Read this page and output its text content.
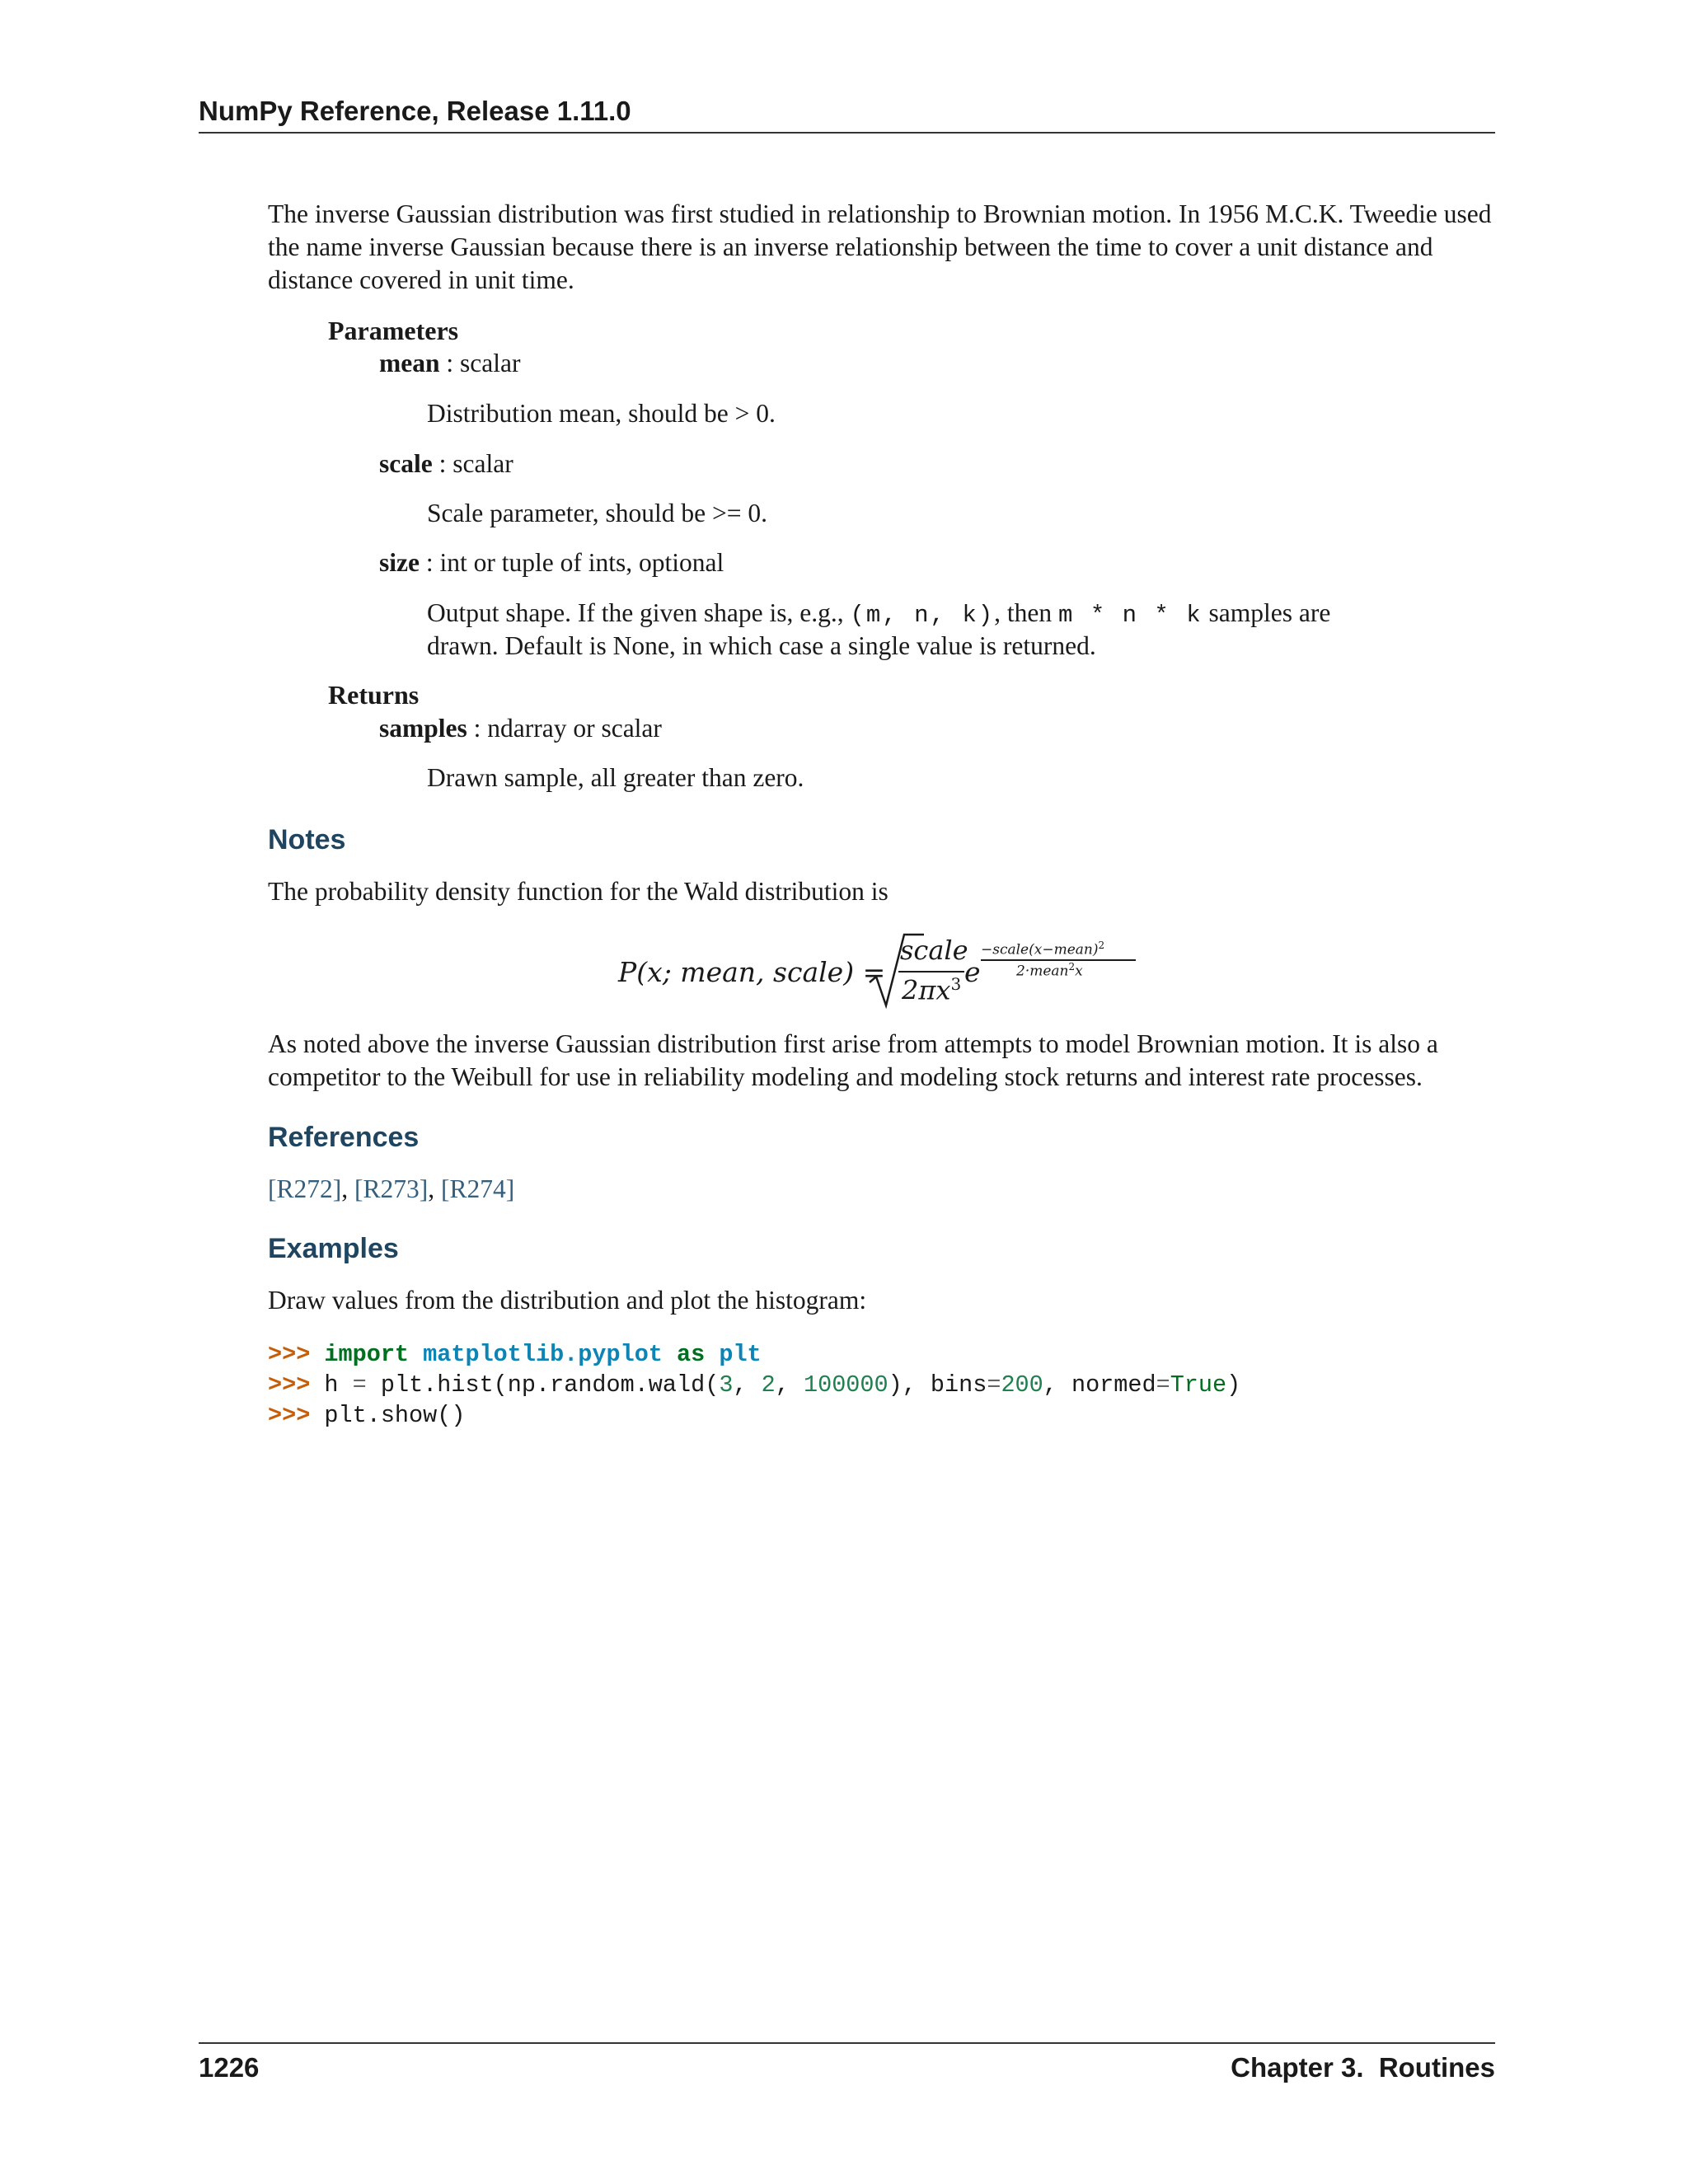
NumPy Reference, Release 1.11.0

The inverse Gaussian distribution was first studied in relationship to Brownian motion. In 1956 M.C.K. Tweedie used the name inverse Gaussian because there is an inverse relationship between the time to cover a unit distance and distance covered in unit time.

Parameters
mean : scalar
Distribution mean, should be > 0.
scale : scalar
Scale parameter, should be >= 0.
size : int or tuple of ints, optional
Output shape. If the given shape is, e.g., (m, n, k), then m * n * k samples are
drawn. Default is None, in which case a single value is returned.
Returns
samples : ndarray or scalar
Drawn sample, all greater than zero.
Notes

The probability density function for the Wald distribution is

P(x; mean, scale) =
scale
$2\pi x^3$ e
−scale(x−mean)$^2$
2·mean$^2$x

As noted above the inverse Gaussian distribution first arise from attempts to model Brownian motion. It is also a

competitor to the Weibull for use in reliability modeling and modeling stock returns and interest rate processes.

References

[R272], [R273], [R274]

Examples

Draw values from the distribution and plot the histogram:

>>> import matplotlib.pyplot as plt
>>> h = plt.hist(np.random.wald(3, 2, 100000), bins=200, normed=True)
>>> plt.show()
1226	Chapter 3.  Routines
